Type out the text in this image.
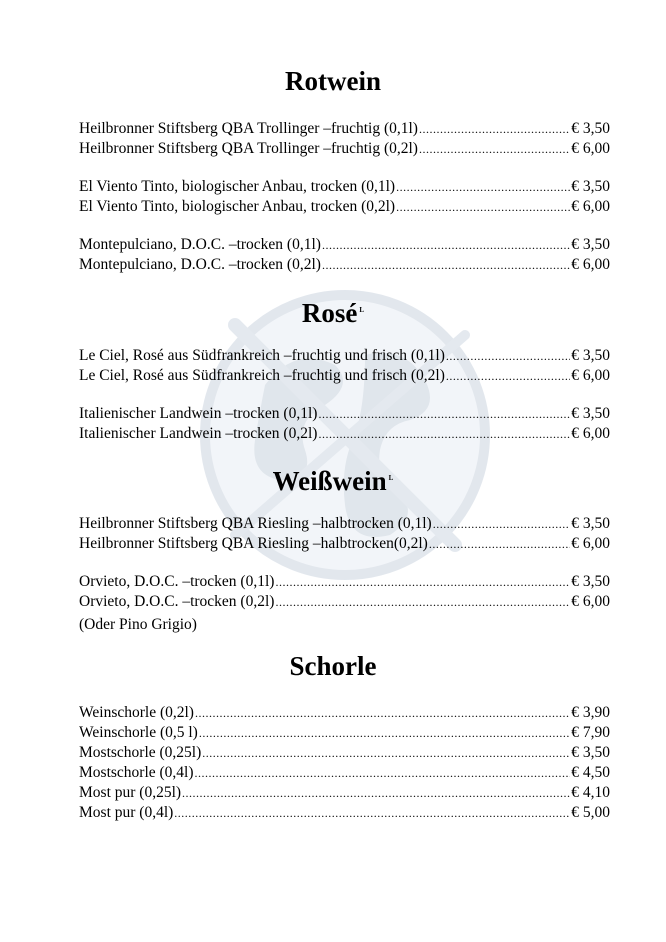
Rotwein
Heilbronner Stiftsberg QBA Trollinger –fruchtig (0,1l) .....	€ 3,50
Heilbronner Stiftsberg QBA Trollinger –fruchtig (0,2l) .....	€ 6,00
El Viento Tinto, biologischer Anbau, trocken (0,1l) .....	€ 3,50
El Viento Tinto, biologischer Anbau, trocken (0,2l) .....	€ 6,00
Montepulciano, D.O.C. –trocken (0,1l) .....	€ 3,50
Montepulciano, D.O.C. –trocken (0,2l) .....	€ 6,00
Rosé $^L$
Le Ciel, Rosé aus Südfrankreich –fruchtig und frisch (0,1l) .....	€ 3,50
Le Ciel, Rosé aus Südfrankreich –fruchtig und frisch (0,2l) .....	€ 6,00
Italienischer Landwein –trocken (0,1l) .....	€ 3,50
Italienischer Landwein –trocken (0,2l) .....	€ 6,00
Weißwein $^L$
Heilbronner Stiftsberg QBA Riesling –halbtrocken (0,1l) .....	€ 3,50
Heilbronner Stiftsberg QBA Riesling –halbtrocken(0,2l) .....	€ 6,00
Orvieto, D.O.C. –trocken (0,1l) .....	€ 3,50
Orvieto, D.O.C. –trocken (0,2l) .....	€ 6,00
(Oder Pino Grigio)
Schorle
Weinschorle (0,2l) .....	€ 3,90
Weinschorle (0,5 l) .....	€ 7,90
Mostschorle (0,25l) .....	€ 3,50
Mostschorle (0,4l) .....	€ 4,50
Most pur (0,25l) .....	€ 4,10
Most pur (0,4l) .....	€ 5,00
